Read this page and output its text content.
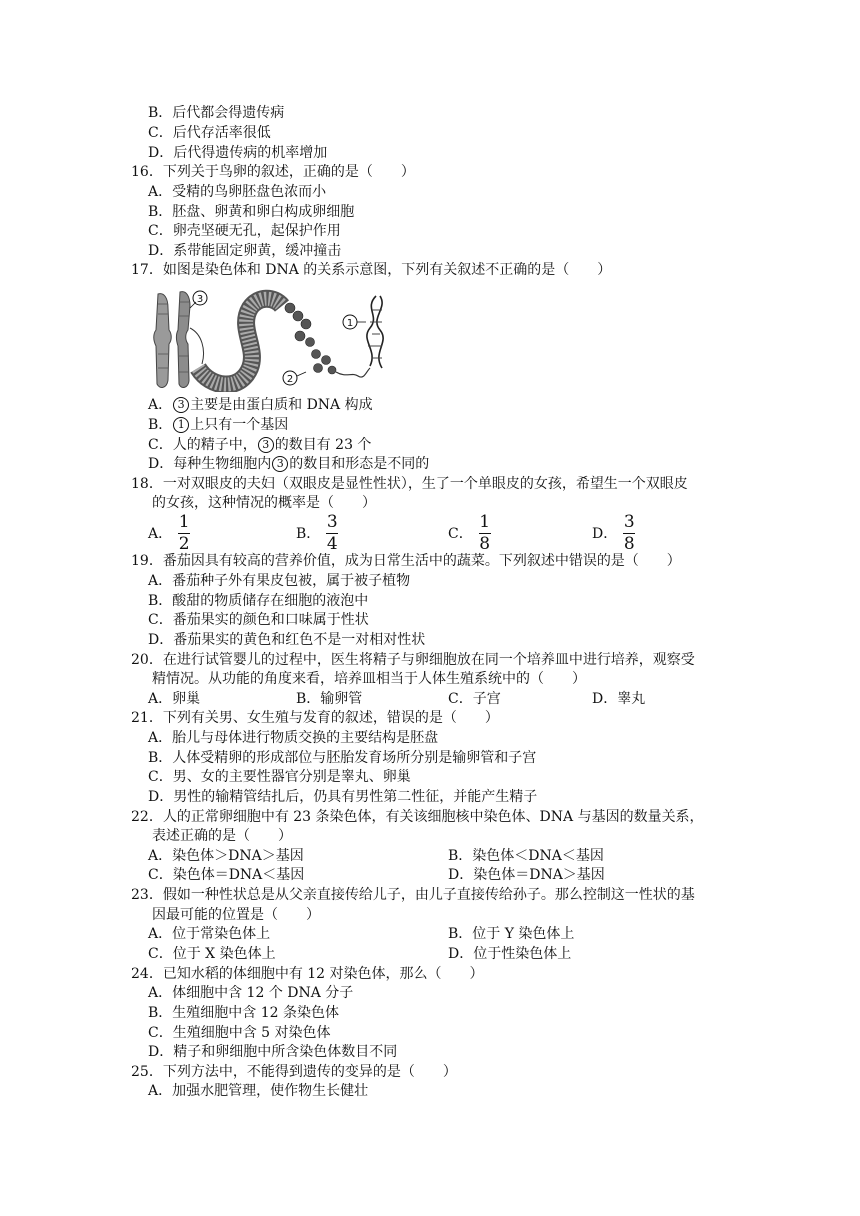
B．后代都会得遗传病
C．后代存活率很低
D．后代得遗传病的机率增加
16．下列关于鸟卵的叙述，正确的是（　　）
A．受精的鸟卵胚盘色浓而小
B．胚盘、卵黄和卵白构成卵细胞
C．卵壳坚硬无孔，起保护作用
D．系带能固定卵黄，缓冲撞击
17．如图是染色体和 DNA 的关系示意图，下列有关叙述不正确的是（　　）
3
2
1
A． 3 主要是由蛋白质和 DNA 构成
B． 1 上只有一个基因
C．人的精子中， 3 的数目有 23 个
D．每种生物细胞内 3 的数目和形态是不同的
18．一对双眼皮的夫妇（双眼皮是显性性状），生了一个单眼皮的女孩，希望生一个双眼皮
的女孩，这种情况的概率是（　　）
A． $\frac{1}{2}$	B． $\frac{3}{4}$	C． $\frac{1}{8}$	D． $\frac{3}{8}$
19．番茄因具有较高的营养价值，成为日常生活中的蔬菜。下列叙述中错误的是（　　）
A．番茄种子外有果皮包被，属于被子植物
B．酸甜的物质储存在细胞的液泡中
C．番茄果实的颜色和口味属于性状
D．番茄果实的黄色和红色不是一对相对性状
20．在进行试管婴儿的过程中，医生将精子与卵细胞放在同一个培养皿中进行培养，观察受
精情况。从功能的角度来看，培养皿相当于人体生殖系统中的（　　）
A．卵巢	B．输卵管	C．子宫	D．睾丸
21．下列有关男、女生殖与发育的叙述，错误的是（　　）
A．胎儿与母体进行物质交换的主要结构是胚盘
B．人体受精卵的形成部位与胚胎发育场所分别是输卵管和子宫
C．男、女的主要性器官分别是睾丸、卵巢
D．男性的输精管结扎后，仍具有男性第二性征，并能产生精子
22．人的正常卵细胞中有 23 条染色体，有关该细胞核中染色体、DNA 与基因的数量关系，
表述正确的是（　　）
A．染色体＞DNA＞基因	B．染色体＜DNA＜基因
C．染色体＝DNA＜基因	D．染色体＝DNA＞基因
23．假如一种性状总是从父亲直接传给儿子，由儿子直接传给孙子。那么控制这一性状的基
因最可能的位置是（　　）
A．位于常染色体上	B．位于 Y 染色体上
C．位于 X 染色体上	D．位于性染色体上
24．已知水稻的体细胞中有 12 对染色体，那么（　　）
A．体细胞中含 12 个 DNA 分子
B．生殖细胞中含 12 条染色体
C．生殖细胞中含 5 对染色体
D．精子和卵细胞中所含染色体数目不同
25．下列方法中，不能得到遗传的变异的是（　　）
A．加强水肥管理，使作物生长健壮
